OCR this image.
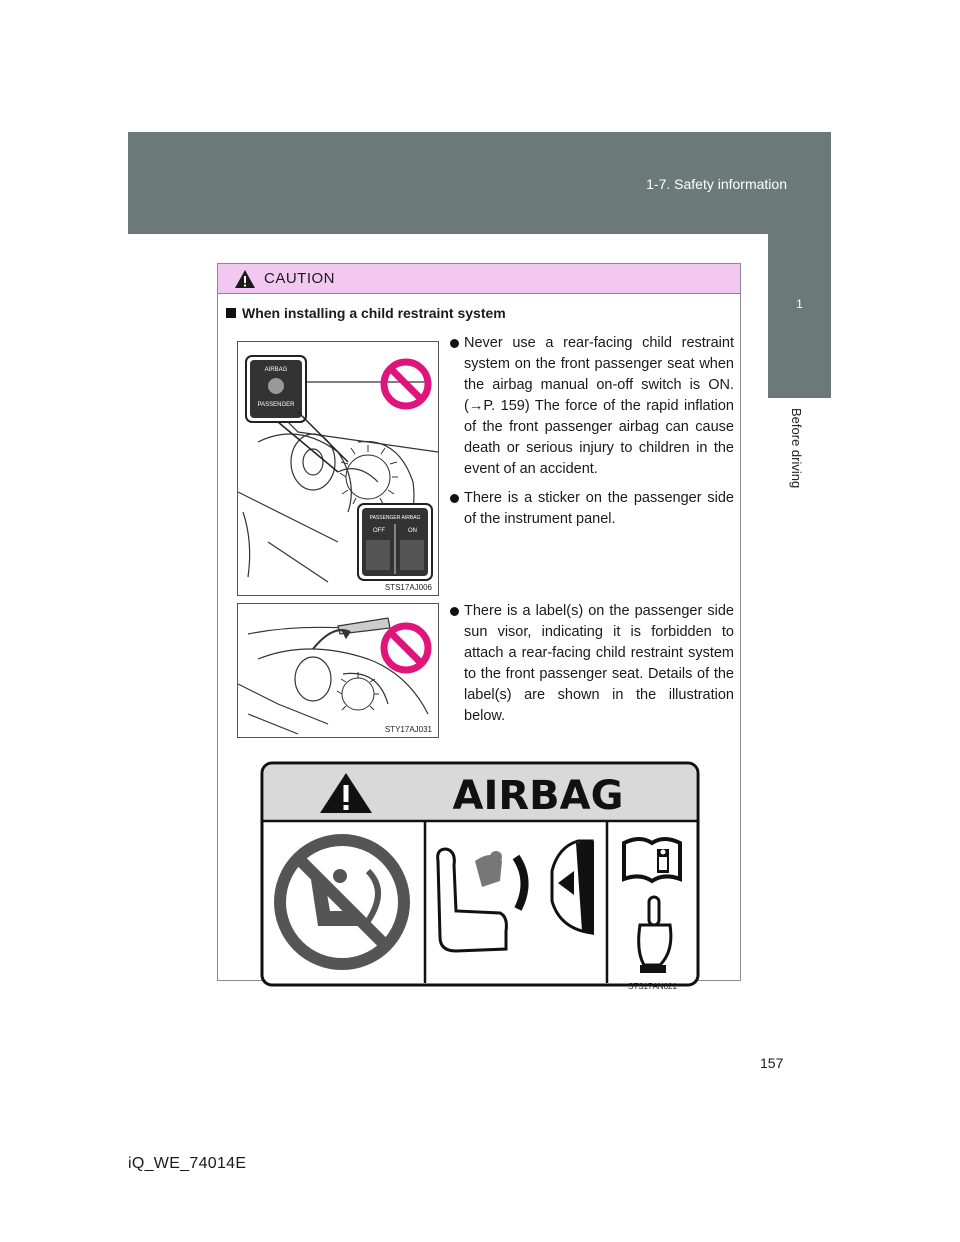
1-7. Safety information
1
Before driving
CAUTION
When installing a child restraint system
AIRBAG
PASSENGER
PASSENGER AIRBAG
OFF	ON
STS17AJ006
STY17AJ031
Never use a rear-facing child restraint system on the front passenger seat when the airbag manual on-off switch is ON. (→P. 159) The force of the rapid inflation of the front passenger airbag can cause death or serious injury to children in the event of an accident.
There is a sticker on the passenger side of the instrument panel.
There is a label(s) on the passenger side sun visor, indicating it is forbidden to attach a rear-facing child restraint system to the front passenger seat. Details of the label(s) are shown in the illustration below.
AIRBAG
STS17AN021
157
iQ_WE_74014E
